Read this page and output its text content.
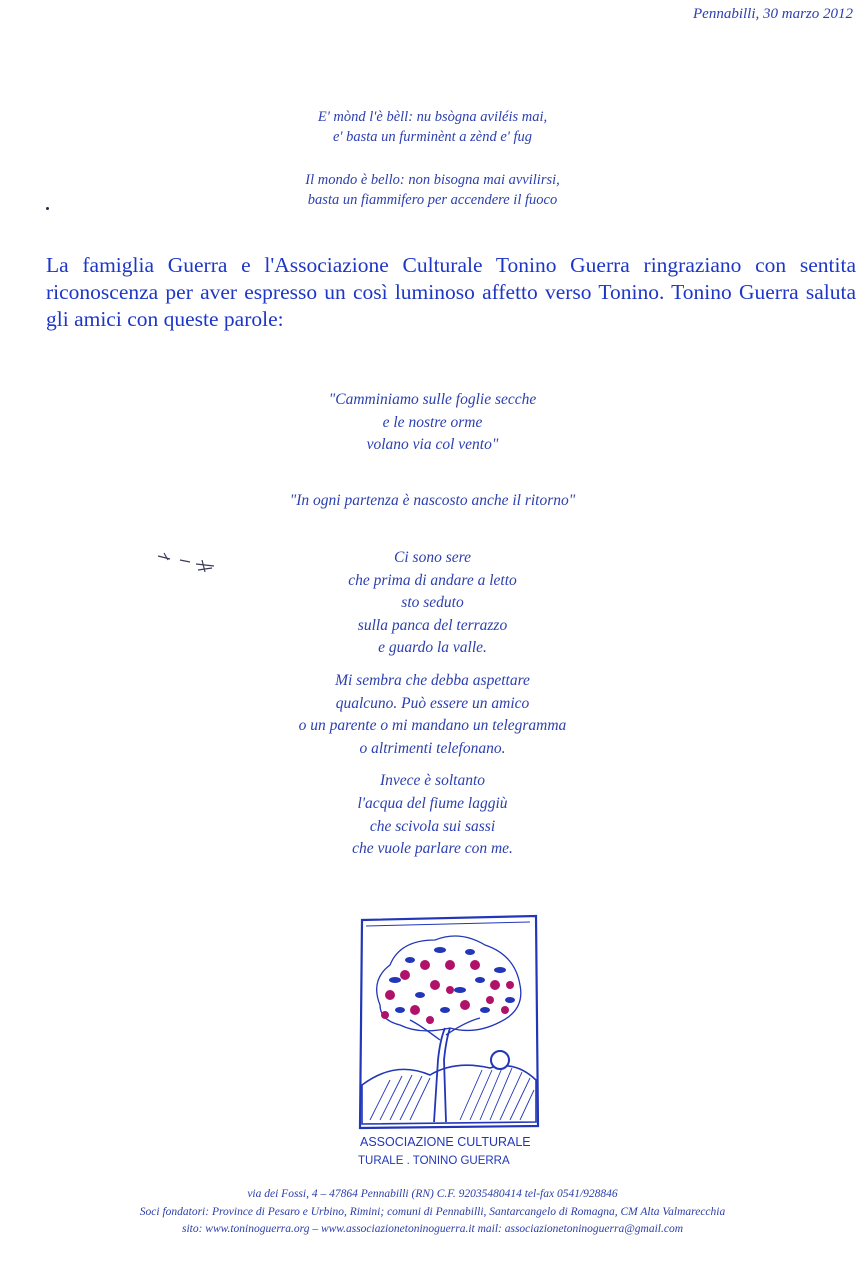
Pennabilli, 30 marzo 2012
E' mònd l'è bèll: nu bsògna aviléis mai,
e' basta un furminènt a zènd e' fug
Il mondo è bello: non bisogna mai avvilirsi,
basta un fiammifero per accendere il fuoco
La famiglia Guerra e l'Associazione Culturale Tonino Guerra ringraziano con sentita riconoscenza per aver espresso un così luminoso affetto verso Tonino. Tonino Guerra saluta gli amici con queste parole:
"Camminiamo sulle foglie secche
e le nostre orme
volano via col vento"
"In ogni partenza è nascosto anche il ritorno"
Ci sono sere
che prima di andare a letto
sto seduto
sulla panca del terrazzo
e guardo la valle.
Mi sembra che debba aspettare
qualcuno. Può essere un amico
o un parente o mi mandano un telegramma
o altrimenti telefonano.
Invece è soltanto
l'acqua del fiume laggiù
che scivola sui sassi
che vuole parlare con me.
ASSOCIAZIONE CULTURALE
TURALE . TONINO GUERRA
via dei Fossi, 4 – 47864 Pennabilli (RN) C.F. 92035480414 tel-fax 0541/928846
Soci fondatori: Province di Pesaro e Urbino, Rimini; comuni di Pennabilli, Santarcangelo di Romagna, CM Alta Valmarecchia
sito: www.toninoguerra.org – www.associazionetoninoguerra.it mail: associazionetoninoguerra@gmail.com
